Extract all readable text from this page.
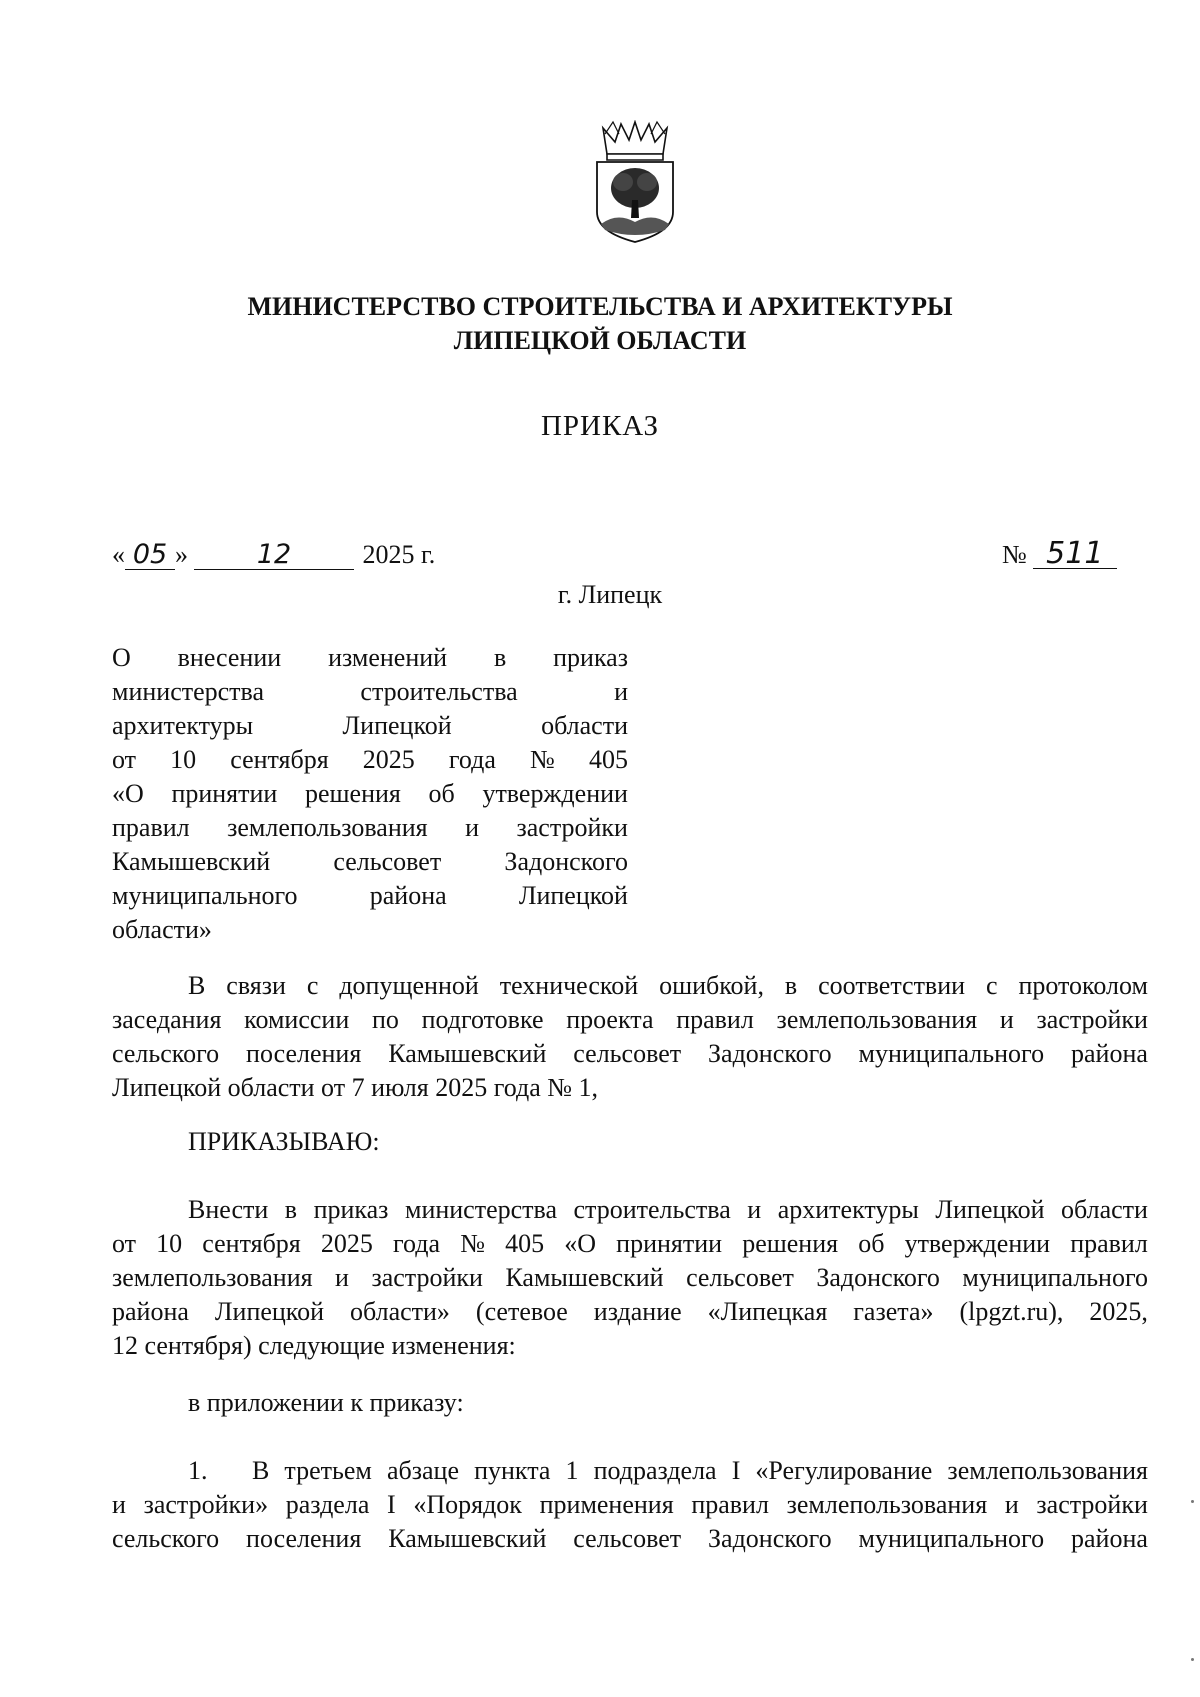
МИНИСТЕРСТВО СТРОИТЕЛЬСТВА И АРХИТЕКТУРЫ
ЛИПЕЦКОЙ ОБЛАСТИ
ПРИКАЗ
« 05 »	12	2025 г.	№ 511
г. Липецк
О внесении изменений в приказ
министерства	строительства	и
архитектуры	Липецкой	области
от 10 сентября 2025 года № 405
«О принятии решения об утверждении
правил землепользования и застройки
Камышевский сельсовет Задонского
муниципального	района	Липецкой
области»
В связи с допущенной технической ошибкой, в соответствии с протоколом
заседания комиссии по подготовке проекта правил землепользования и застройки
сельского поселения Камышевский сельсовет Задонского муниципального района
Липецкой области от 7 июля 2025 года № 1,
ПРИКАЗЫВАЮ:
Внести в приказ министерства строительства и архитектуры Липецкой области
от 10 сентября 2025 года № 405 «О принятии решения об утверждении правил
землепользования и застройки Камышевский сельсовет Задонского муниципального
района Липецкой области» (сетевое издание «Липецкая газета» (lpgzt.ru), 2025,
12 сентября) следующие изменения:
в приложении к приказу:
1.	В третьем абзаце пункта 1 подраздела I «Регулирование землепользования
и застройки» раздела I «Порядок применения правил землепользования и застройки
сельского поселения Камышевский сельсовет Задонского муниципального района
